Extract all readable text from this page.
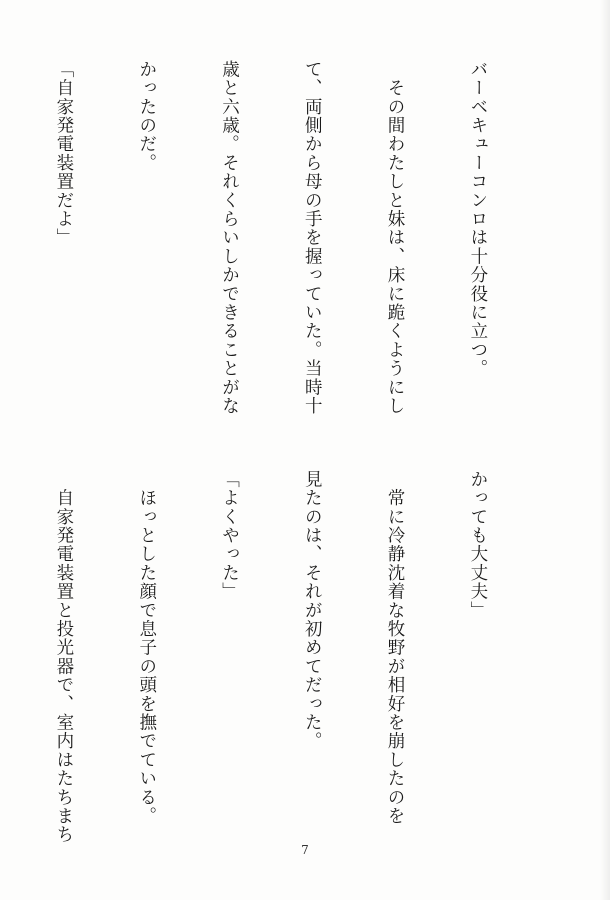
バーベキューコンロは十分役に立つ。

　その間わたしと妹は、床に跪くようにし

て、両側から母の手を握っていた。当時十

歳と六歳。それくらいしかできることがな

かったのだ。

「自家発電装置だよ」

かっても大丈夫」

　常に冷静沈着な牧野が相好を崩したのを

見たのは、それが初めてだった。

「よくやった」

　ほっとした顔で息子の頭を撫でている。

　自家発電装置と投光器で、室内はたちまち

7
